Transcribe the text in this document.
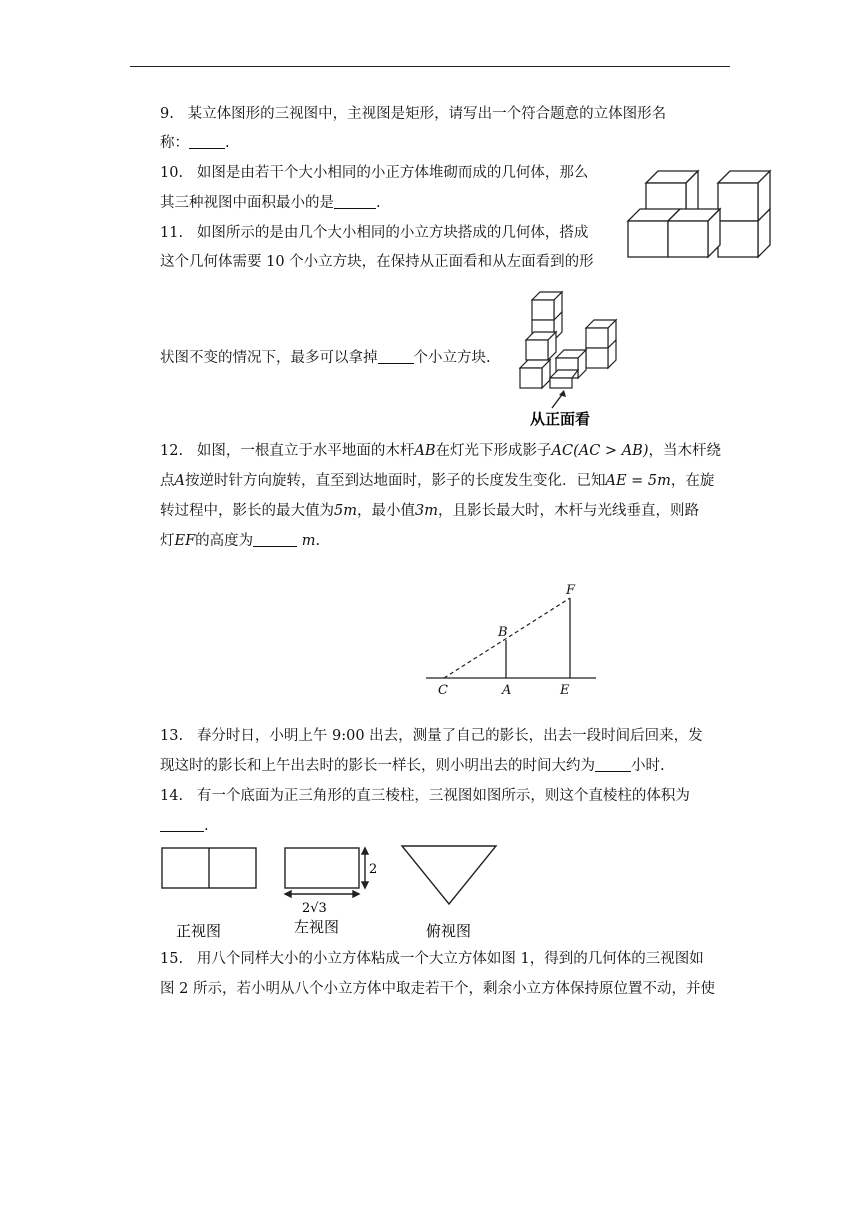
9. 某立体图形的三视图中，主视图是矩形，请写出一个符合题意的立体图形名
称： .
10. 如图是由若干个大小相同的小正方体堆砌而成的几何体，那么
其三种视图中面积最小的是	.
11. 如图所示的是由几个大小相同的小立方块搭成的几何体，搭成
这个几何体需要 10 个小立方块，在保持从正面看和从左面看到的形
状图不变的情况下，最多可以拿掉 个小立方块.
从正面看
12. 如图，一根直立于水平地面的木杆AB在灯光下形成影子AC(AC > AB)，当木杆绕
点A按逆时针方向旋转，直至到达地面时，影子的长度发生变化．已知AE = 5m，在旋
转过程中，影长的最大值为5m，最小值3m，且影长最大时，木杆与光线垂直，则路
灯EF的高度为	m.
F
B
C	A	E
13. 春分时日，小明上午 9:00 出去，测量了自己的影长，出去一段时间后回来，发
现这时的影长和上午出去时的影长一样长，则小明出去的时间大约为 小时.
14. 有一个底面为正三角形的直三棱柱，三视图如图所示，则这个直棱柱的体积为
.
2
2√3
正视图	左视图	俯视图
15. 用八个同样大小的小立方体粘成一个大立方体如图 1，得到的几何体的三视图如
图 2 所示，若小明从八个小立方体中取走若干个，剩余小立方体保持原位置不动，并使
